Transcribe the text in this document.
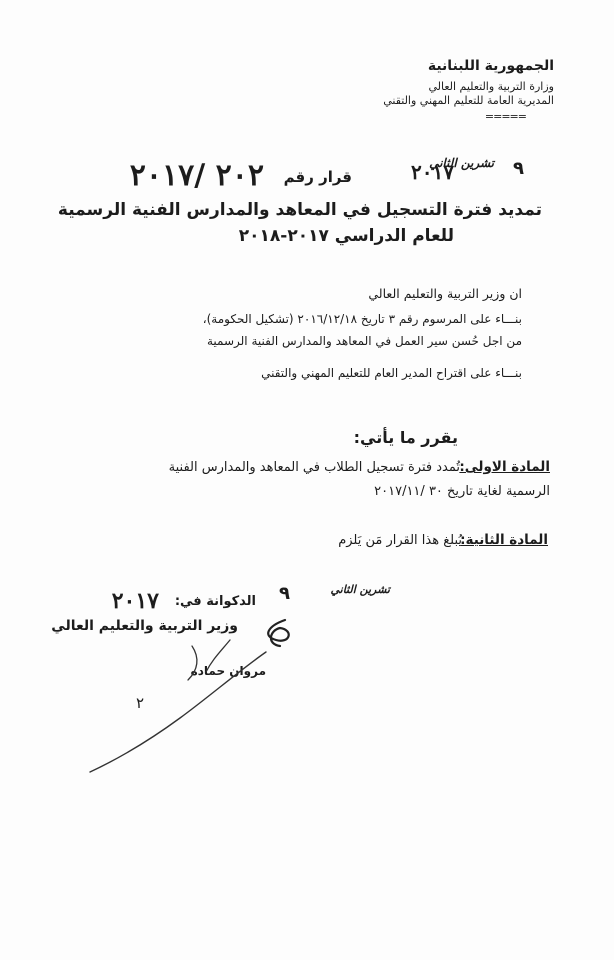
الجمهورية اللبنانية
وزارة التربية والتعليم العالي
المديرية العامة للتعليم المهني والتقني
=====
قرار رقم
٢٠٢ /٢٠١٧	٩
تشرين الثاني
٢٠١٧
تمديد فترة التسجيل في المعاهد والمدارس الفنية الرسمية
للعام الدراسي ٢٠١٧-٢٠١٨
ان وزير التربية والتعليم العالي
بنـــاء على المرسوم رقم ٣ تاريخ ٢٠١٦/١٢/١٨ (تشكيل الحكومة)،
من اجل حُسن سير العمل في المعاهد والمدارس الفنية الرسمية
بنـــاء على اقتراح المدير العام للتعليم المهني والتقني
يقرر ما يأتي:
المادة الاولى:
تُمدد فترة تسجيل الطلاب في المعاهد والمدارس الفنية
الرسمية لغاية تاريخ ٣٠ /٢٠١٧/١١
المادة الثانية:
يُبلغ هذا القرار مَن يَلزم
الدكوانة في: ٩	تشرين الثاني
٢٠١٧
وزير التربية والتعليم العالي
مروان حماده
٢
